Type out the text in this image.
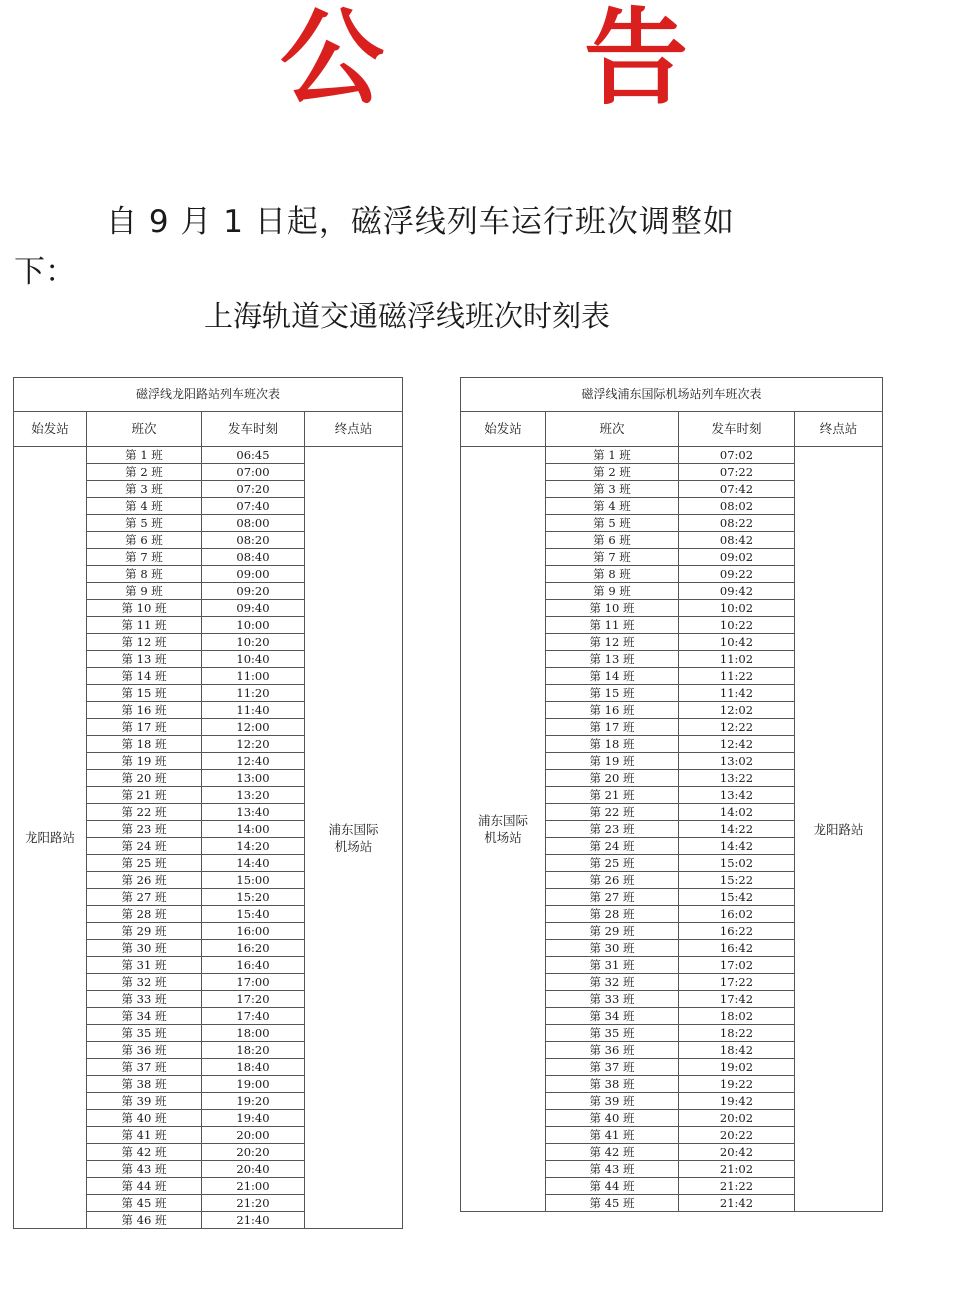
公 告
自 9 月 1 日起，磁浮线列车运行班次调整如
下：
上海轨道交通磁浮线班次时刻表
磁浮线龙阳路站列车班次表			
始发站	班次	发车时刻	终点站
龙阳路站	第 1 班	06:45	浦东国际
机场站
	第 2 班	07:00	
	第 3 班	07:20	
	第 4 班	07:40	
	第 5 班	08:00	
	第 6 班	08:20	
	第 7 班	08:40	
	第 8 班	09:00	
	第 9 班	09:20	
	第 10 班	09:40	
	第 11 班	10:00	
	第 12 班	10:20	
	第 13 班	10:40	
	第 14 班	11:00	
	第 15 班	11:20	
	第 16 班	11:40	
	第 17 班	12:00	
	第 18 班	12:20	
	第 19 班	12:40	
	第 20 班	13:00	
	第 21 班	13:20	
	第 22 班	13:40	
	第 23 班	14:00	
	第 24 班	14:20	
	第 25 班	14:40	
	第 26 班	15:00	
	第 27 班	15:20	
	第 28 班	15:40	
	第 29 班	16:00	
	第 30 班	16:20	
	第 31 班	16:40	
	第 32 班	17:00	
	第 33 班	17:20	
	第 34 班	17:40	
	第 35 班	18:00	
	第 36 班	18:20	
	第 37 班	18:40	
	第 38 班	19:00	
	第 39 班	19:20	
	第 40 班	19:40	
	第 41 班	20:00	
	第 42 班	20:20	
	第 43 班	20:40	
	第 44 班	21:00	
	第 45 班	21:20	
	第 46 班	21:40	
磁浮线浦东国际机场站列车班次表			
始发站	班次	发车时刻	终点站
浦东国际
机场站	第 1 班	07:02	龙阳路站
	第 2 班	07:22	
	第 3 班	07:42	
	第 4 班	08:02	
	第 5 班	08:22	
	第 6 班	08:42	
	第 7 班	09:02	
	第 8 班	09:22	
	第 9 班	09:42	
	第 10 班	10:02	
	第 11 班	10:22	
	第 12 班	10:42	
	第 13 班	11:02	
	第 14 班	11:22	
	第 15 班	11:42	
	第 16 班	12:02	
	第 17 班	12:22	
	第 18 班	12:42	
	第 19 班	13:02	
	第 20 班	13:22	
	第 21 班	13:42	
	第 22 班	14:02	
	第 23 班	14:22	
	第 24 班	14:42	
	第 25 班	15:02	
	第 26 班	15:22	
	第 27 班	15:42	
	第 28 班	16:02	
	第 29 班	16:22	
	第 30 班	16:42	
	第 31 班	17:02	
	第 32 班	17:22	
	第 33 班	17:42	
	第 34 班	18:02	
	第 35 班	18:22	
	第 36 班	18:42	
	第 37 班	19:02	
	第 38 班	19:22	
	第 39 班	19:42	
	第 40 班	20:02	
	第 41 班	20:22	
	第 42 班	20:42	
	第 43 班	21:02	
	第 44 班	21:22	
	第 45 班	21:42	
